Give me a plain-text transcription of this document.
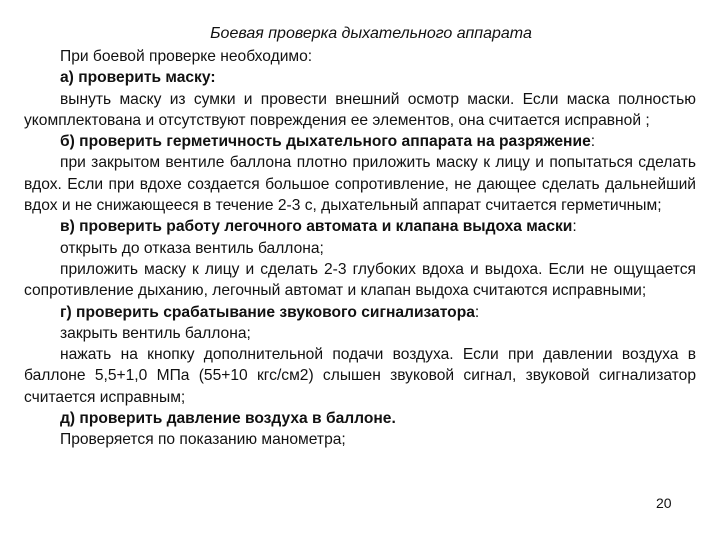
Боевая проверка дыхательного аппарата

При боевой проверке необходимо:

а) проверить маску:

вынуть маску из сумки и провести внешний осмотр маски. Если маска полностью укомплектована и отсутствуют повреждения ее элементов, она считается исправной ;

б) проверить герметичность дыхательного аппарата на разряжение:

при закрытом вентиле баллона плотно приложить маску к лицу и попытаться сделать вдох. Если при вдохе создается большое сопротивление, не дающее сделать дальнейший вдох и не снижающееся в течение 2-3 с, дыхательный аппарат считается герметичным;

в) проверить работу легочного автомата и клапана выдоха маски:

открыть до отказа вентиль баллона;

приложить маску к лицу и сделать 2-3 глубоких вдоха и выдоха. Если не ощущается сопротивление дыханию, легочный автомат и клапан выдоха считаются исправными;

г) проверить срабатывание звукового сигнализатора:

закрыть вентиль баллона;

нажать на кнопку дополнительной подачи воздуха. Если при давлении воздуха в баллоне 5,5+1,0 МПа (55+10 кгс/см2) слышен звуковой сигнал, звуковой сигнализатор считается исправным;

д) проверить давление воздуха в баллоне.

Проверяется по показанию манометра;

20
